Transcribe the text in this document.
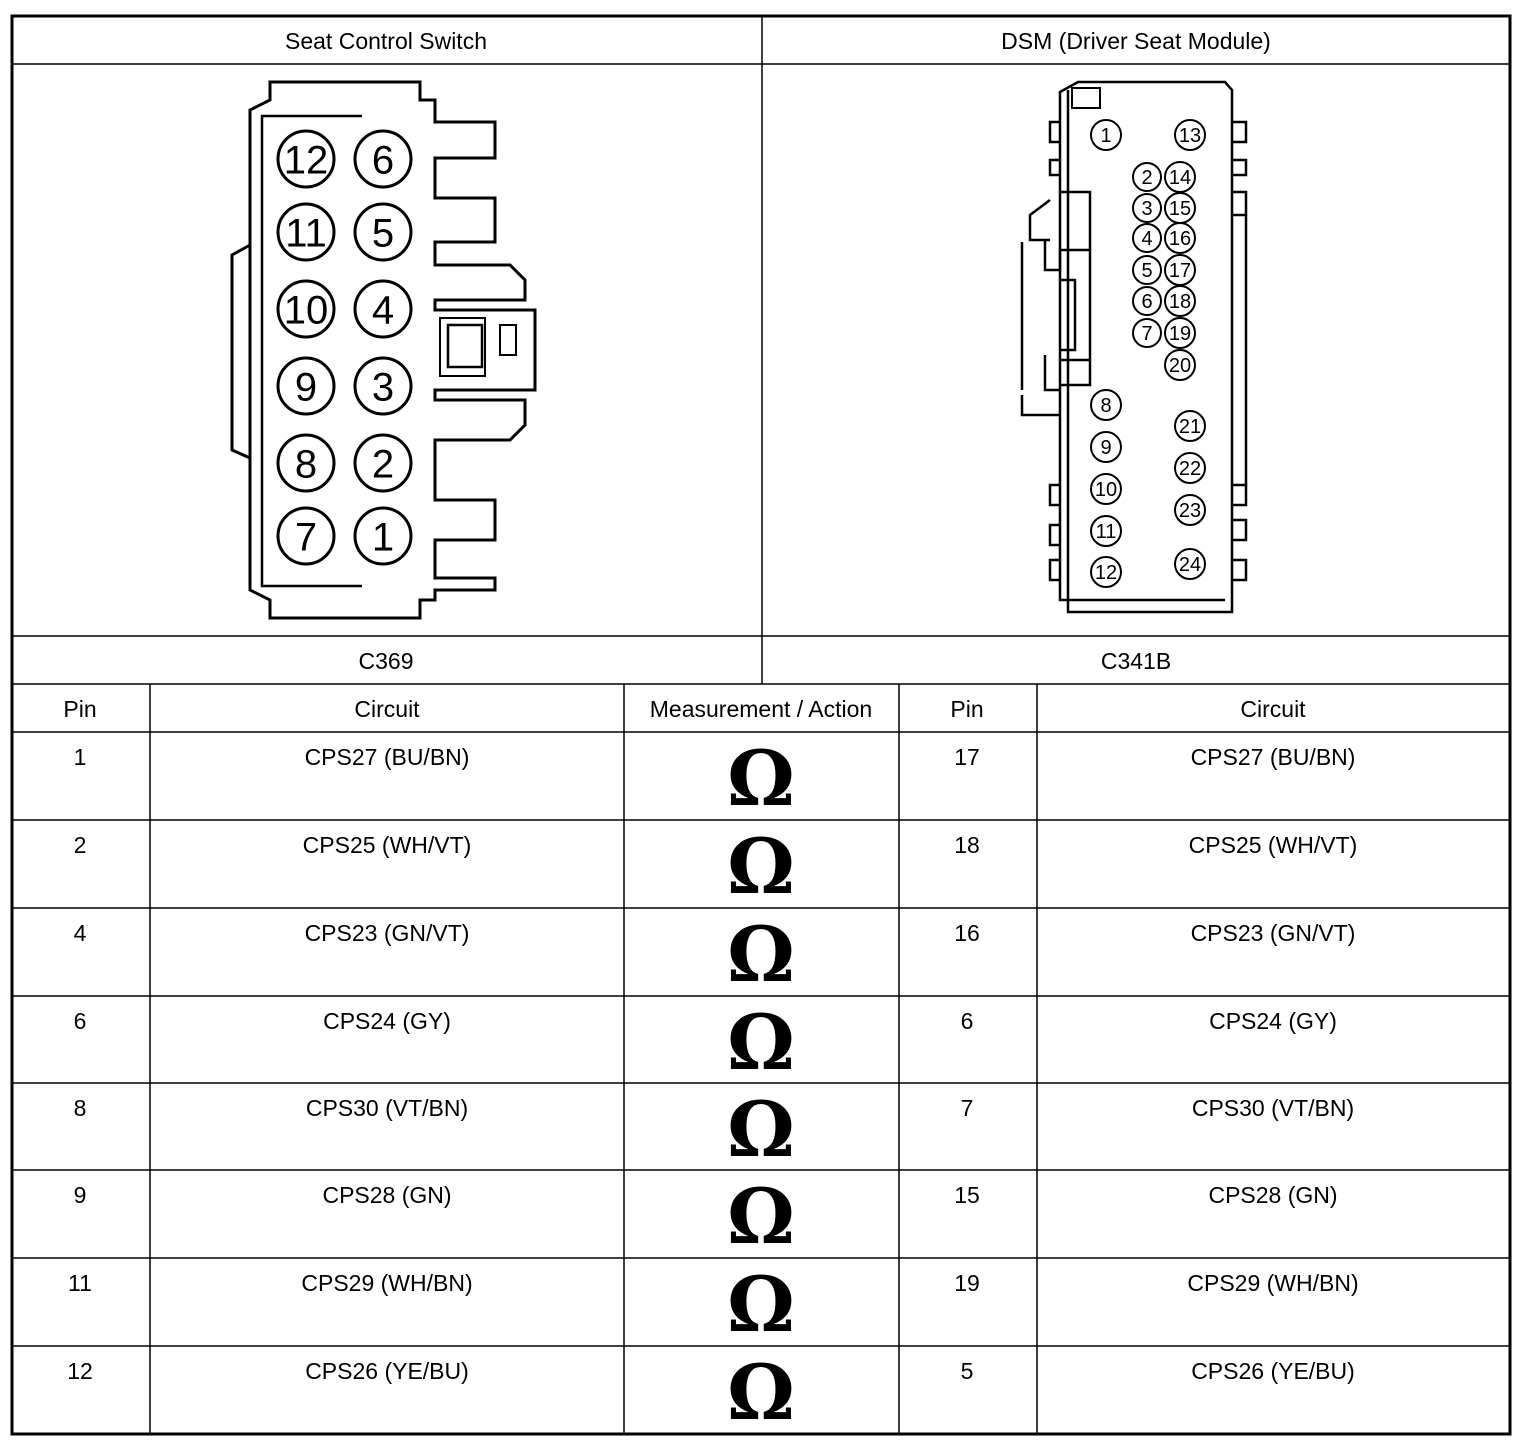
Seat Control Switch	DSM (Driver Seat Module)
C369	C341B
12
11
10
9
8
7
6
5
4
3
2
1
1	13
2
3
4
5
6
7
14
15
16
17
18
19
20
8
9
10
11
12
21
22
23
24
Pin	Circuit	Measurement / Action	Pin	Circuit
1	CPS27 (BU/BN)	Ω	17	CPS27 (BU/BN)
2	CPS25 (WH/VT)	Ω	18	CPS25 (WH/VT)
4	CPS23 (GN/VT)	Ω	16	CPS23 (GN/VT)
6	CPS24 (GY)	Ω	6	CPS24 (GY)
8	CPS30 (VT/BN)	Ω	7	CPS30 (VT/BN)
9	CPS28 (GN)	Ω	15	CPS28 (GN)
11	CPS29 (WH/BN)	Ω	19	CPS29 (WH/BN)
12	CPS26 (YE/BU)	Ω	5	CPS26 (YE/BU)
